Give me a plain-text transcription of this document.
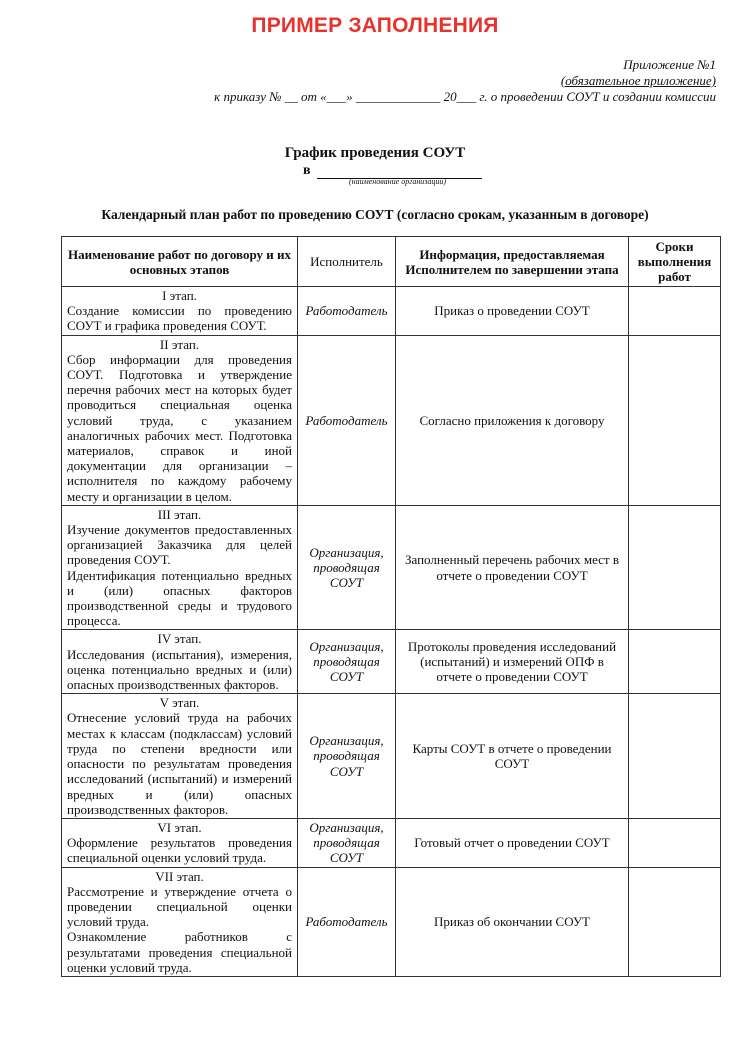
ПРИМЕР ЗАПОЛНЕНИЯ
Приложение №1
(обязательное приложение)
к приказу № __ от «___» _____________ 20___ г. о проведении СОУТ и создании комиссии
График проведения СОУТ
в
(наименование организации)
Календарный план работ по проведению СОУТ (согласно срокам, указанным в договоре)
Наименование работ по договору и их основных этапов	Исполнитель	Информация, предоставляемая Исполнителем по завершении этапа	Сроки выполнения работ

I этап.
Создание комиссии по проведению СОУТ и графика проведения СОУТ.	Работодатель	Приказ о проведении СОУТ	

II этап.
Сбор информации для проведения СОУТ. Подготовка и утверждение перечня рабочих мест на которых будет проводиться специальная оценка условий труда, с указанием аналогичных рабочих мест. Подготовка материалов, справок и иной документации для организации – исполнителя по каждому рабочему месту и организации в целом.	Работодатель	Согласно приложения к договору	

III этап.
Изучение документов предоставленных организацией Заказчика для целей проведения СОУТ.
Идентификация потенциально вредных и (или) опасных факторов производственной среды и трудового процесса.	Организация, проводящая СОУТ	Заполненный перечень рабочих мест в отчете о проведении СОУТ	

IV этап.
Исследования (испытания), измерения, оценка потенциально вредных и (или) опасных производственных факторов.	Организация, проводящая СОУТ	Протоколы проведения исследований (испытаний) и измерений ОПФ в отчете о проведении СОУТ	

V этап.
Отнесение условий труда на рабочих местах к классам (подклассам) условий труда по степени вредности или опасности по результатам проведения исследований (испытаний) и измерений вредных и (или) опасных производственных факторов.	Организация, проводящая СОУТ	Карты СОУТ в отчете о проведении СОУТ	

VI этап.
Оформление результатов проведения специальной оценки условий труда.	Организация, проводящая СОУТ	Готовый отчет о проведении СОУТ	

VII этап.
Рассмотрение и утверждение отчета о проведении специальной оценки условий труда.
Ознакомление работников с результатами проведения специальной оценки условий труда.	Работодатель	Приказ об окончании СОУТ	
